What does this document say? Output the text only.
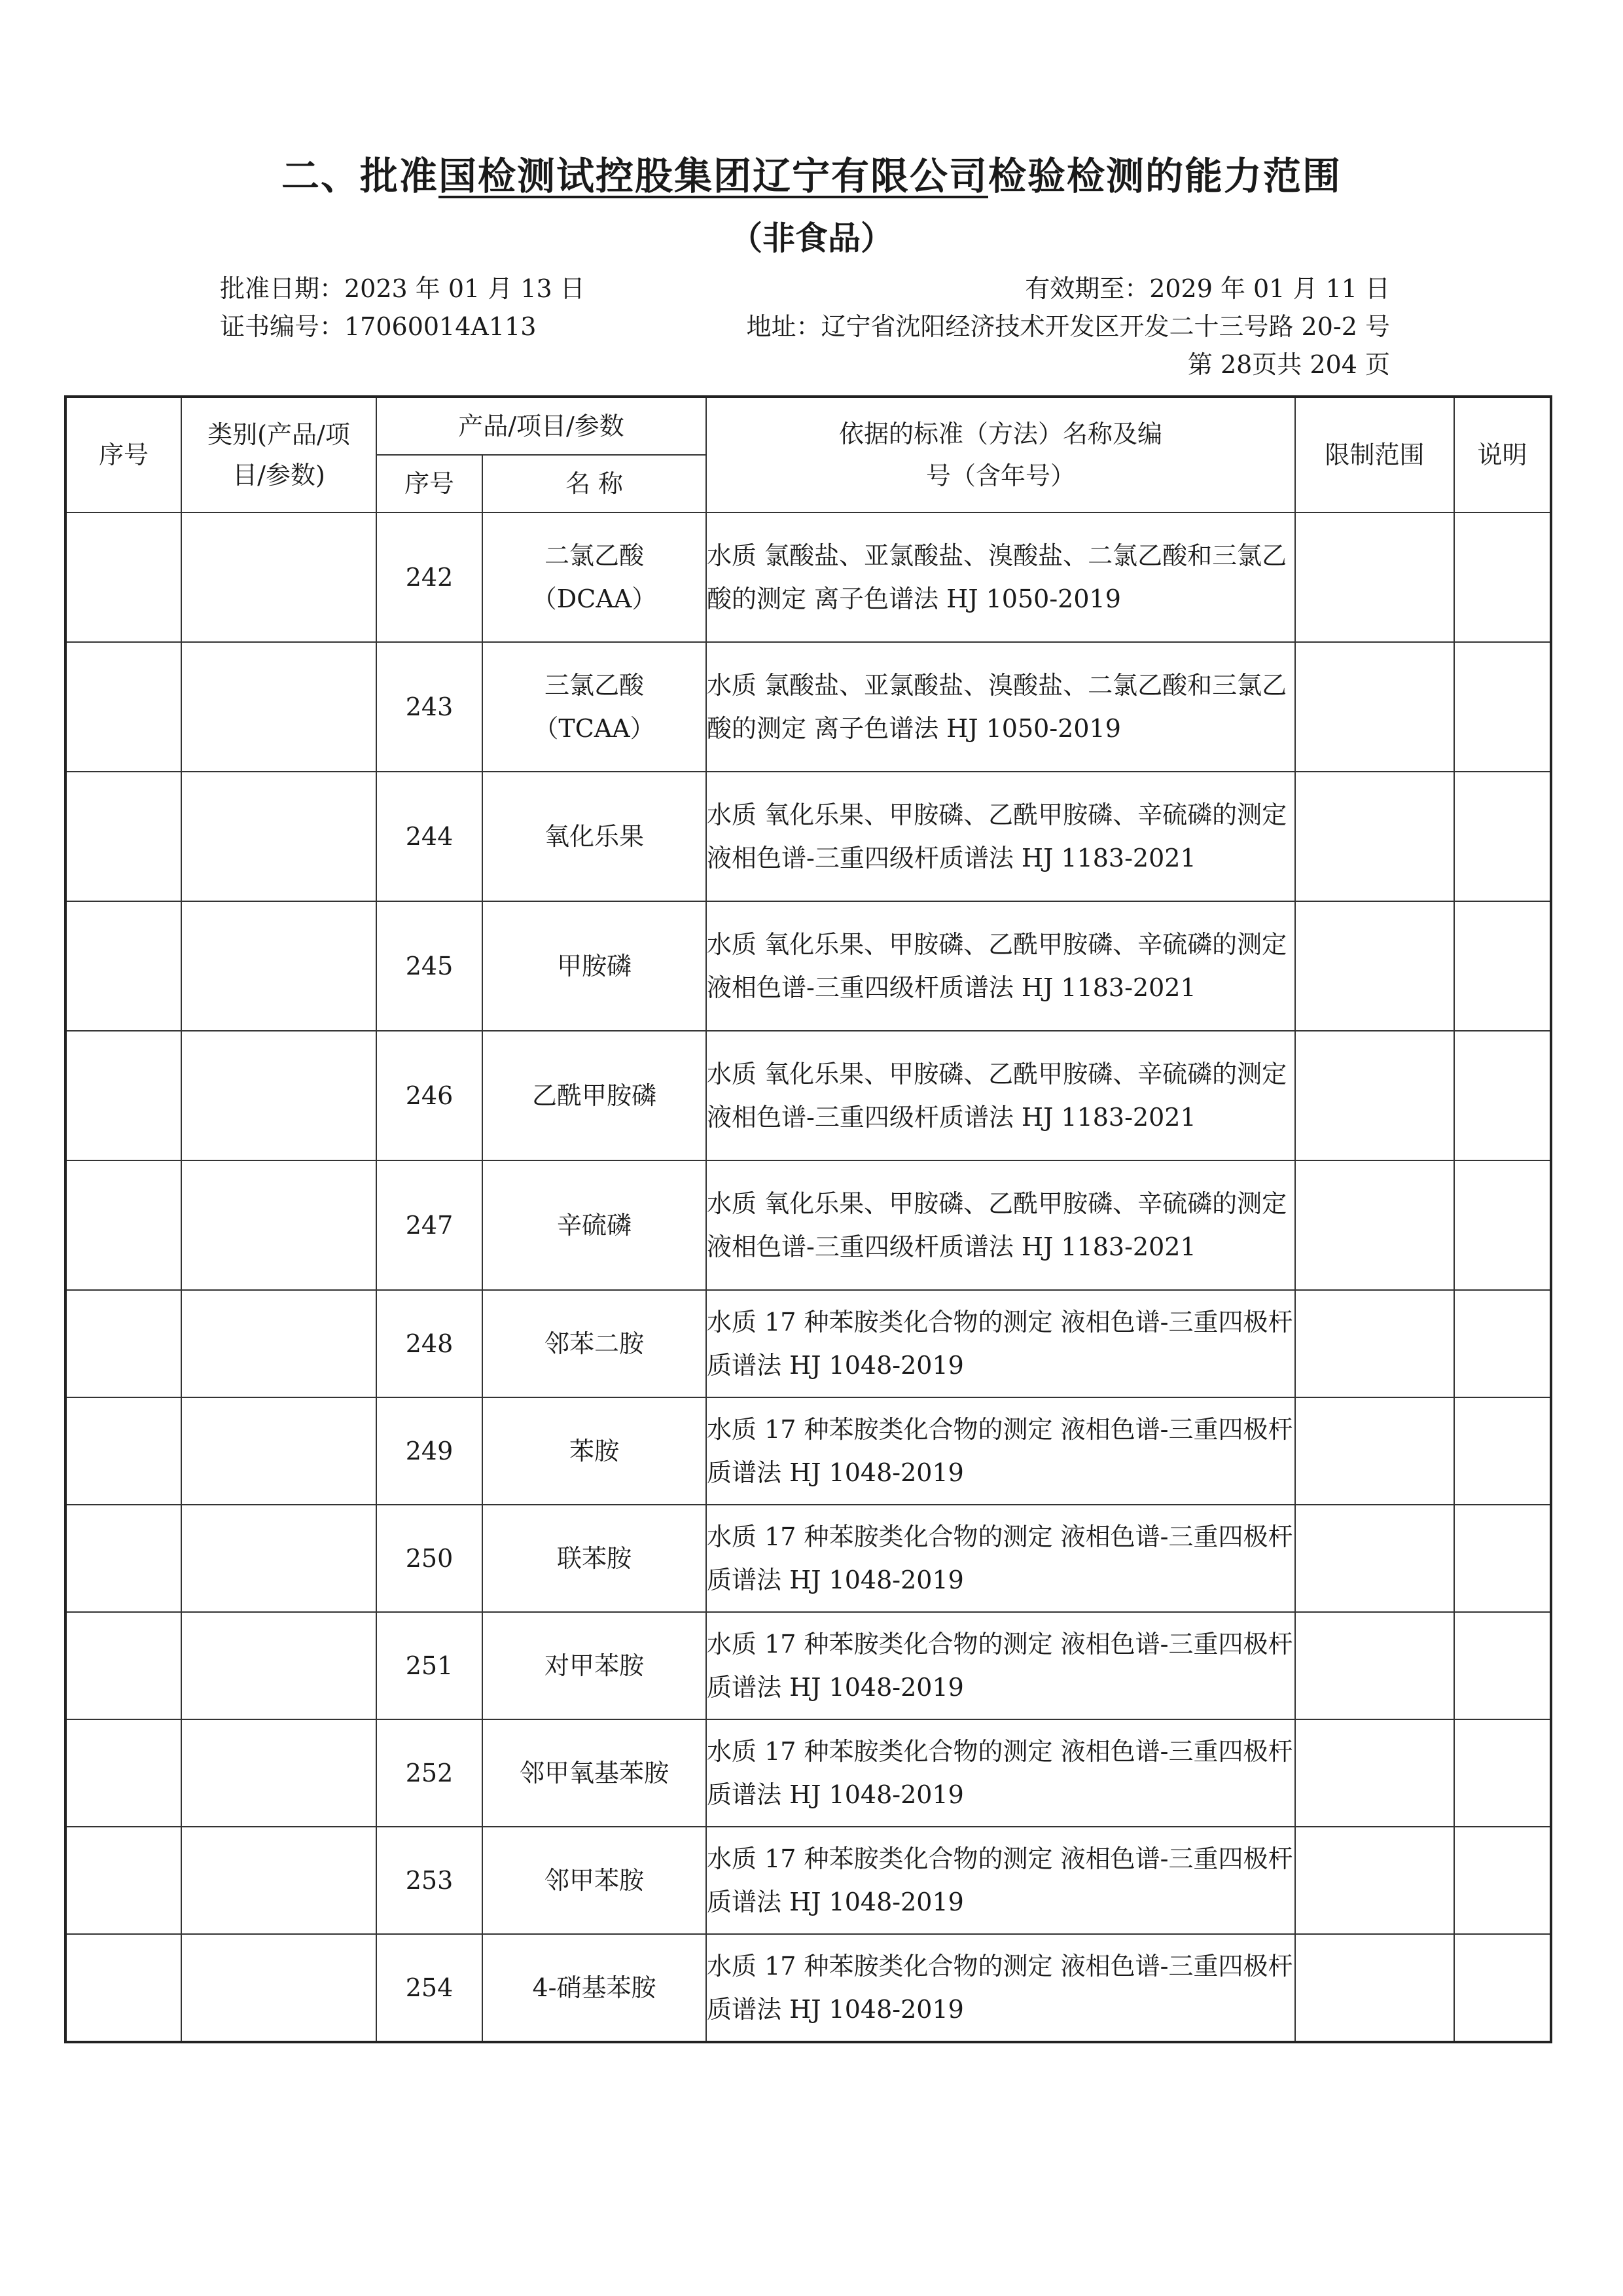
二、批准国检测试控股集团辽宁有限公司检验检测的能力范围
（非食品）
批准日期：2023 年 01 月 13 日	有效期至：2029 年 01 月 11 日
证书编号：17060014A113	地址：辽宁省沈阳经济技术开发区开发二十三号路 20-2 号
第 28页共 204 页
序号	类别(产品/项目/参数)	产品/项目/参数		依据的标准（方法）名称及编号（含年号）	限制范围	说明
		序号	名 称			
		242	二氯乙酸（DCAA）	水质 氯酸盐、亚氯酸盐、溴酸盐、二氯乙酸和三氯乙酸的测定 离子色谱法 HJ 1050-2019		
		243	三氯乙酸（TCAA）	水质 氯酸盐、亚氯酸盐、溴酸盐、二氯乙酸和三氯乙酸的测定 离子色谱法 HJ 1050-2019		
		244	氧化乐果	水质 氧化乐果、甲胺磷、乙酰甲胺磷、辛硫磷的测定 液相色谱-三重四级杆质谱法 HJ 1183-2021		
		245	甲胺磷	水质 氧化乐果、甲胺磷、乙酰甲胺磷、辛硫磷的测定 液相色谱-三重四级杆质谱法 HJ 1183-2021		
		246	乙酰甲胺磷	水质 氧化乐果、甲胺磷、乙酰甲胺磷、辛硫磷的测定 液相色谱-三重四级杆质谱法 HJ 1183-2021		
		247	辛硫磷	水质 氧化乐果、甲胺磷、乙酰甲胺磷、辛硫磷的测定 液相色谱-三重四级杆质谱法 HJ 1183-2021		
		248	邻苯二胺	水质 17 种苯胺类化合物的测定 液相色谱-三重四极杆质谱法 HJ 1048-2019		
		249	苯胺	水质 17 种苯胺类化合物的测定 液相色谱-三重四极杆质谱法 HJ 1048-2019		
		250	联苯胺	水质 17 种苯胺类化合物的测定 液相色谱-三重四极杆质谱法 HJ 1048-2019		
		251	对甲苯胺	水质 17 种苯胺类化合物的测定 液相色谱-三重四极杆质谱法 HJ 1048-2019		
		252	邻甲氧基苯胺	水质 17 种苯胺类化合物的测定 液相色谱-三重四极杆质谱法 HJ 1048-2019		
		253	邻甲苯胺	水质 17 种苯胺类化合物的测定 液相色谱-三重四极杆质谱法 HJ 1048-2019		
		254	4-硝基苯胺	水质 17 种苯胺类化合物的测定 液相色谱-三重四极杆质谱法 HJ 1048-2019		
